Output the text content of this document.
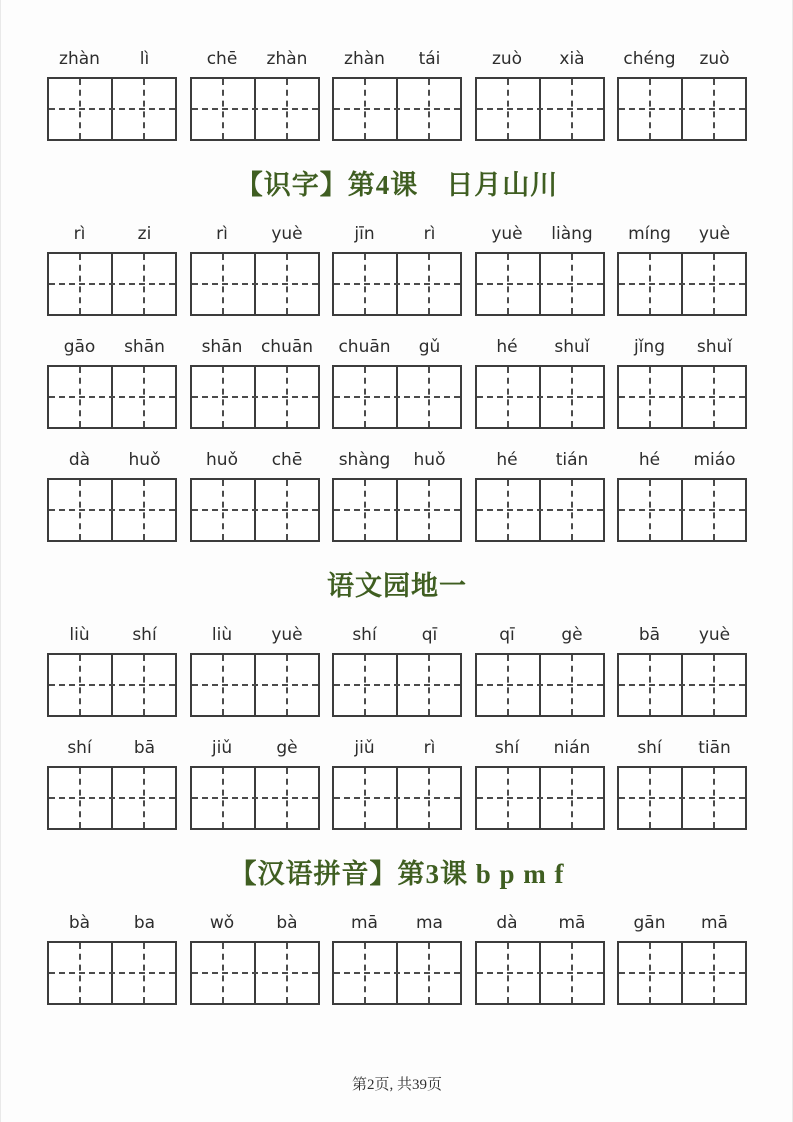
zhàn	lì	chē	zhàn	zhàn	tái	zuò	xià	chéng	zuò
【识字】第4课　日月山川
rì	zi	rì	yuè	jīn	rì	yuè	liàng	míng	yuè
gāo	shān	shān	chuān	chuān	gǔ	hé	shuǐ	jǐng	shuǐ
dà	huǒ	huǒ	chē	shàng	huǒ	hé	tián	hé	miáo
语文园地一
liù	shí	liù	yuè	shí	qī	qī	gè	bā	yuè
shí	bā	jiǔ	gè	jiǔ	rì	shí	nián	shí	tiān
【汉语拼音】第3课 b p m f
bà	ba	wǒ	bà	mā	ma	dà	mā	gān	mā
第2页, 共39页
